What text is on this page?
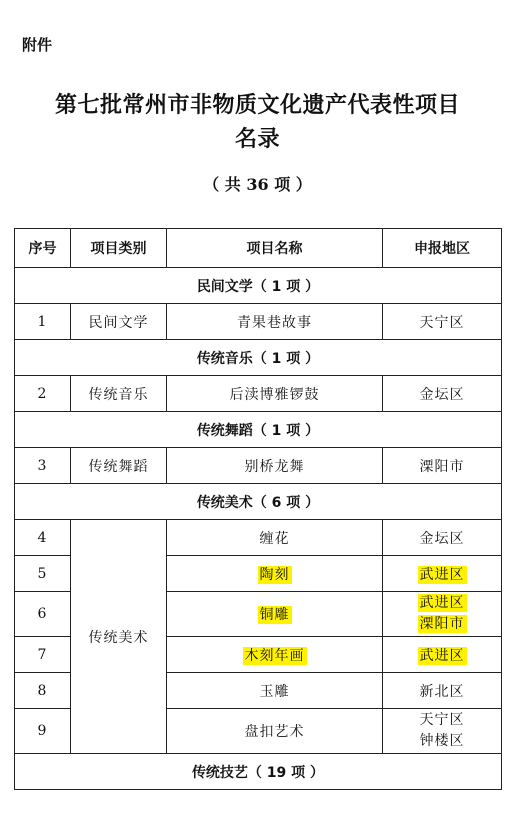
附件
第七批常州市非物质文化遗产代表性项目
名录
（ 共 36 项 ）
序号	项目类别	项目名称	申报地区
民间文学（ 1 项 ）			
1	民间文学	青果巷故事	天宁区
传统音乐（ 1 项 ）			
2	传统音乐	后渎博雅锣鼓	金坛区
传统舞蹈（ 1 项 ）			
3	传统舞蹈	别桥龙舞	溧阳市
传统美术（ 6 项 ）			
4	传统美术	缠花	金坛区
5		陶刻	武进区
6		铜雕	武进区
溧阳市

7		木刻年画	武进区
8		玉雕	新北区
9		盘扣艺术	天宁区
钟楼区

传统技艺（ 19 项 ）			
